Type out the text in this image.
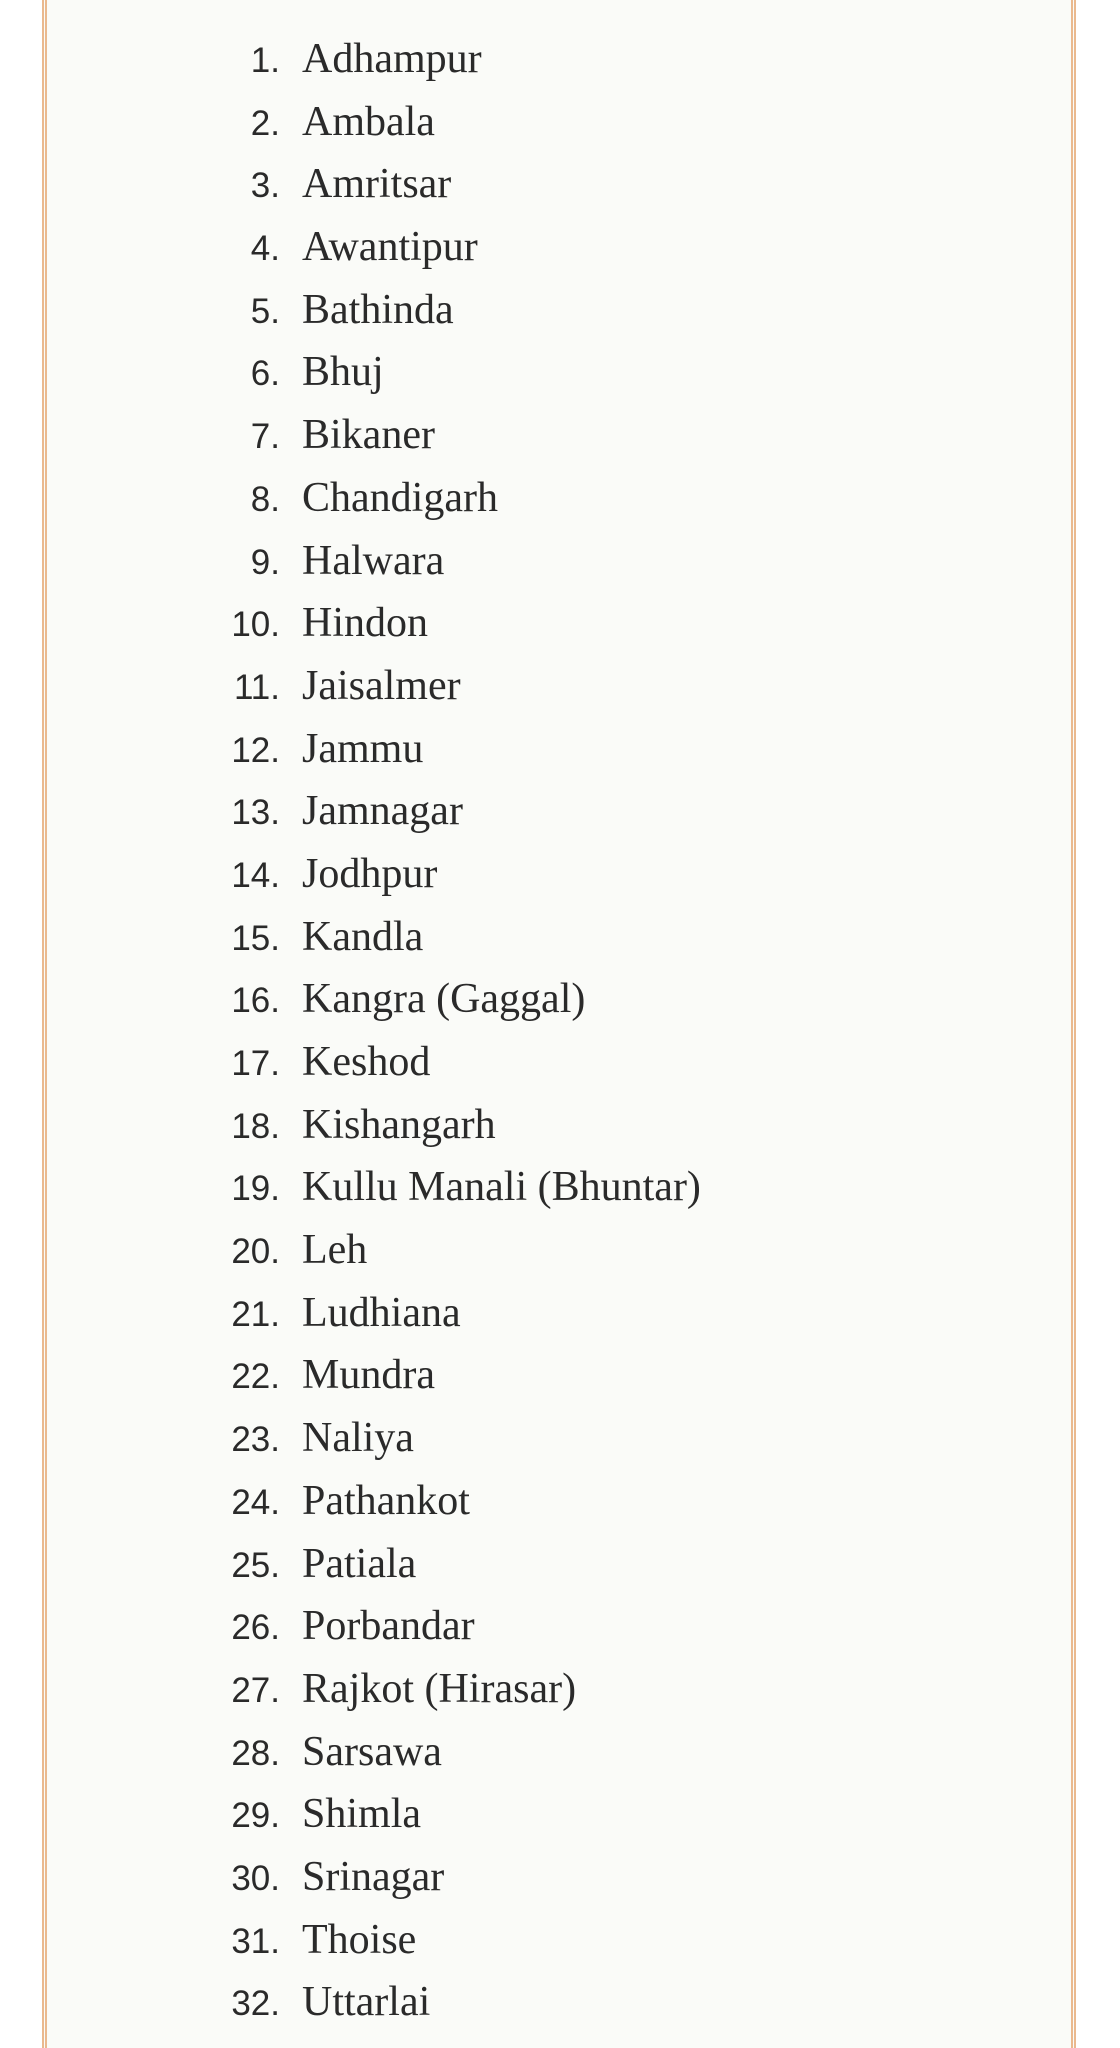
1. Adhampur
2. Ambala
3. Amritsar
4. Awantipur
5. Bathinda
6. Bhuj
7. Bikaner
8. Chandigarh
9. Halwara
10. Hindon
11. Jaisalmer
12. Jammu
13. Jamnagar
14. Jodhpur
15. Kandla
16. Kangra (Gaggal)
17. Keshod
18. Kishangarh
19. Kullu Manali (Bhuntar)
20. Leh
21. Ludhiana
22. Mundra
23. Naliya
24. Pathankot
25. Patiala
26. Porbandar
27. Rajkot (Hirasar)
28. Sarsawa
29. Shimla
30. Srinagar
31. Thoise
32. Uttarlai
